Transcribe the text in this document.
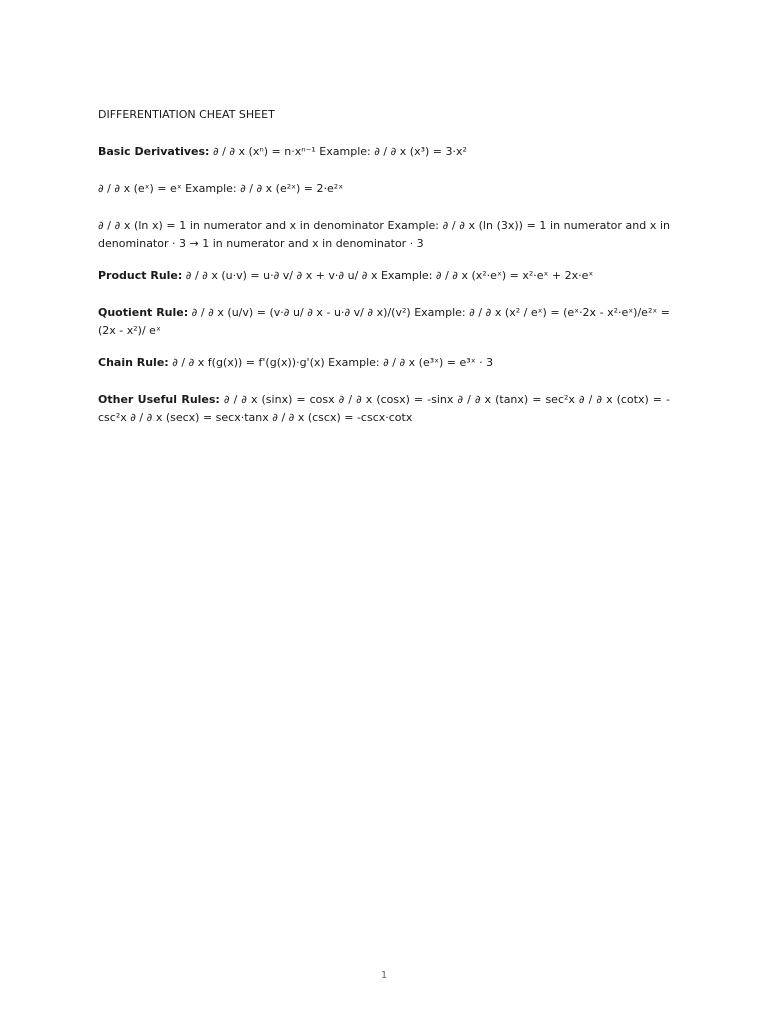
DIFFERENTIATION CHEAT SHEET
Basic Derivatives: ∂ / ∂ x (xⁿ) = n·xⁿ⁻¹ Example: ∂ / ∂ x (x³) = 3·x²
∂ / ∂ x (eˣ) = eˣ Example: ∂ / ∂ x (e²ˣ) = 2·e²ˣ
∂ / ∂ x (ln x) = 1 in numerator and x in denominator Example: ∂ / ∂ x (ln (3x)) = 1 in numerator and x in denominator · 3 → 1 in numerator and x in denominator · 3
Product Rule: ∂ / ∂ x (u·v) = u·∂ v/ ∂ x + v·∂ u/ ∂ x Example: ∂ / ∂ x (x²·eˣ) = x²·eˣ + 2x·eˣ
Quotient Rule: ∂ / ∂ x (u/v) = (v·∂ u/ ∂ x - u·∂ v/ ∂ x)/(v²) Example: ∂ / ∂ x (x² / eˣ) = (eˣ·2x - x²·eˣ)/e²ˣ = (2x - x²)/ eˣ
Chain Rule: ∂ / ∂ x f(g(x)) = f'(g(x))·g'(x) Example: ∂ / ∂ x (e³ˣ) = e³ˣ · 3
Other Useful Rules: ∂ / ∂ x (sinx) = cosx ∂ / ∂ x (cosx) = -sinx ∂ / ∂ x (tanx) = sec²x ∂ / ∂ x (cotx) = -csc²x ∂ / ∂ x (secx) = secx·tanx ∂ / ∂ x (cscx) = -cscx·cotx
1
